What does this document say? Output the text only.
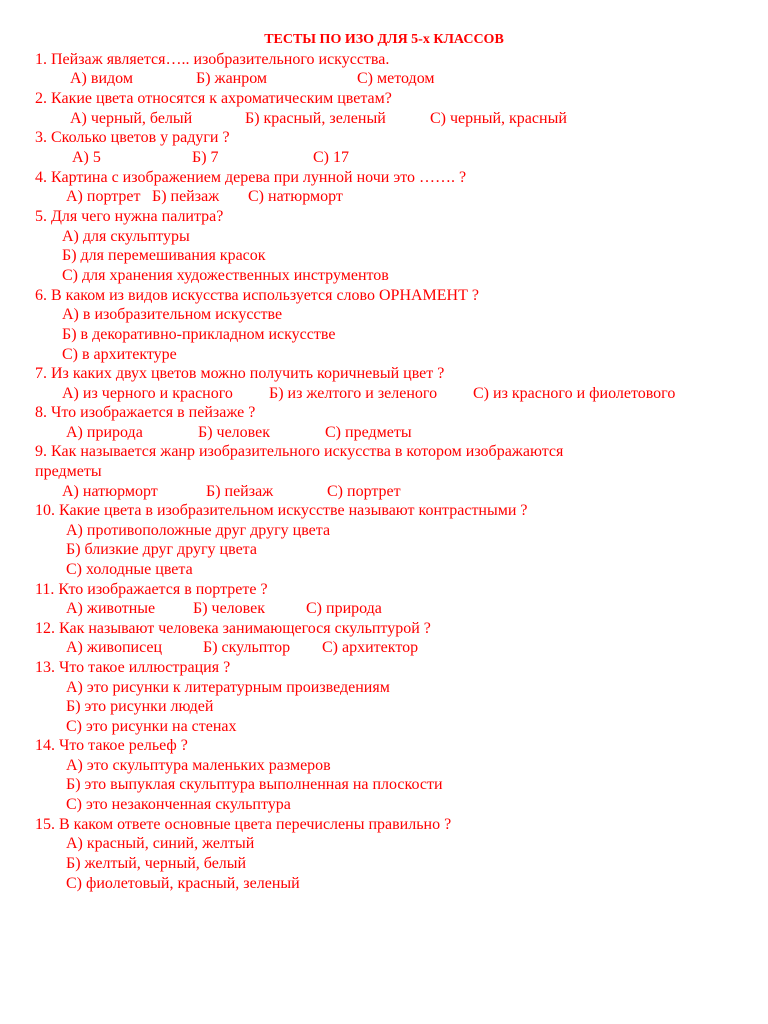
ТЕСТЫ ПО ИЗО ДЛЯ 5-х КЛАССОВ
1. Пейзаж является….. изобразительного искусства.
А) видом	Б) жанром	С) методом
2. Какие цвета относятся к ахроматическим цветам?
А) черный, белый	Б) красный, зеленый	С) черный, красный
3. Сколько цветов у радуги ?
А) 5	Б) 7	С) 17
4. Картина с изображением дерева при лунной ночи это ……. ?
А) портрет Б) пейзаж С) натюрморт
5. Для чего нужна палитра?
А) для скульптуры
Б) для перемешивания красок
С) для хранения художественных инструментов
6. В каком из видов искусства используется слово ОРНАМЕНТ ?
А) в изобразительном искусстве
Б) в декоративно-прикладном искусстве
С) в архитектуре
7. Из каких двух цветов можно получить коричневый цвет ?
А) из черного и красного Б) из желтого и зеленого С) из красного и фиолетового
8. Что изображается в пейзаже ?
А) природа	Б) человек	С) предметы
9. Как называется жанр изобразительного искусства в котором изображаются
предметы
А) натюрморт	Б) пейзаж	С) портрет
10. Какие цвета в изобразительном искусстве называют контрастными ?
А) противоположные друг другу цвета
Б) близкие друг другу цвета
С) холодные цвета
11. Кто изображается в портрете ?
А) животные Б) человек	С) природа
12. Как называют человека занимающегося скульптурой ?
А) живописец	Б) скульптор С) архитектор
13. Что такое иллюстрация ?
А) это рисунки к литературным произведениям
Б) это рисунки людей
С) это рисунки на стенах
14. Что такое рельеф ?
А) это скульптура маленьких размеров
Б) это выпуклая скульптура выполненная на плоскости
С) это незаконченная скульптура
15. В каком ответе основные цвета перечислены правильно ?
А) красный, синий, желтый
Б) желтый, черный, белый
С) фиолетовый, красный, зеленый
